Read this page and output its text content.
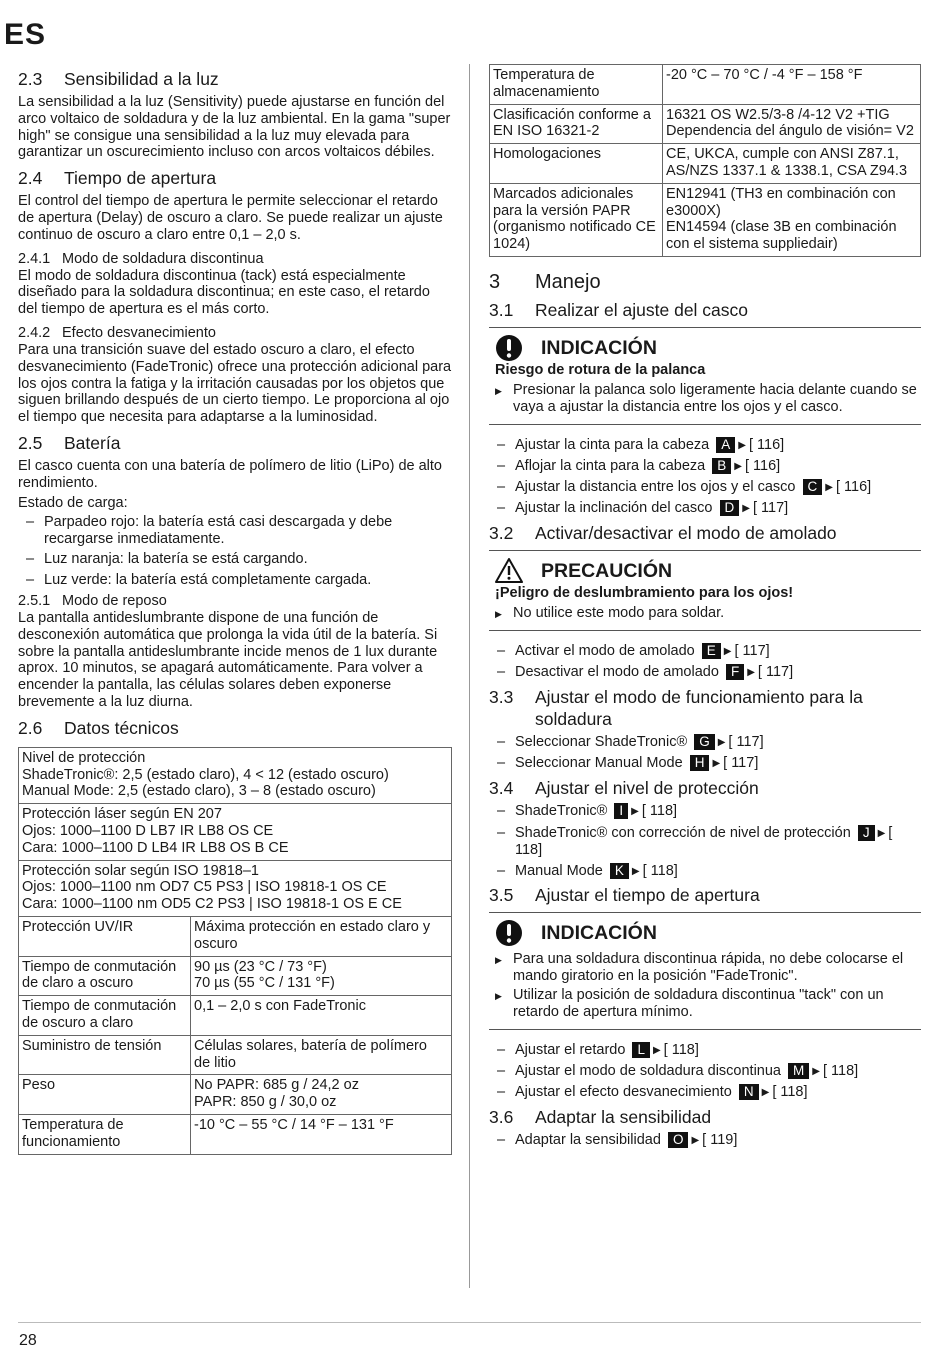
ES
2.3 Sensibilidad a la luz

La sensibilidad a la luz (Sensitivity) puede ajustarse en función del arco voltaico de soldadura y de la luz ambiental. En la gama "super high" se consigue una sensibilidad a la luz muy elevada para garantizar un oscurecimiento incluso con arcos voltaicos débiles.

2.4 Tiempo de apertura

El control del tiempo de apertura le permite seleccionar el retardo de apertura (Delay) de oscuro a claro. Se puede realizar un ajuste continuo de oscuro a claro entre 0,1 – 2,0 s.

2.4.1 Modo de soldadura discontinua

El modo de soldadura discontinua (tack) está especialmente diseñado para la soldadura discontinua; en este caso, el retardo del tiempo de apertura es el más corto.

2.4.2 Efecto desvanecimiento

Para una transición suave del estado oscuro a claro, el efecto desvanecimiento (FadeTronic) ofrece una protección adicional para los ojos contra la fatiga y la irritación causadas por los objetos que siguen brillando después de un cierto tiempo. Le proporciona al ojo el tiempo que necesita para adaptarse a la luminosidad.

2.5 Batería

El casco cuenta con una batería de polímero de litio (LiPo) de alto rendimiento.

Estado de carga:

– Parpadeo rojo: la batería está casi descargada y debe recargarse inmediatamente.
– Luz naranja: la batería se está cargando.
– Luz verde: la batería está completamente cargada.
2.5.1 Modo de reposo

La pantalla antideslumbrante dispone de una función de desconexión automática que prolonga la vida útil de la batería. Si sobre la pantalla antideslumbrante incide menos de 1 lux durante aprox. 10 minutos, se apagará automáticamente. Para volver a encender la pantalla, las células solares deben exponerse brevemente a la luz diurna.

2.6 Datos técnicos
Nivel de protección
ShadeTronic®: 2,5 (estado claro), 4 < 12 (estado oscuro)
Manual Mode: 2,5 (estado claro), 3 – 8 (estado oscuro)	

Protección láser según EN 207
Ojos: 1000–1100 D LB7 IR LB8 OS CE
Cara: 1000–1100 D LB4 IR LB8 OS B CE	

Protección solar según ISO 19818–1
Ojos: 1000–1100 nm OD7 C5 PS3 | ISO 19818-1 OS CE
Cara: 1000–1100 nm OD5 C2 PS3 | ISO 19818-1 OS E CE	

Protección UV/IR	Máxima protección en estado claro y oscuro

Tiempo de conmutación de claro a oscuro	90 µs (23 °C / 73 °F)
70 µs (55 °C / 131 °F)

Tiempo de conmutación de oscuro a claro	0,1 – 2,0 s con FadeTronic

Suministro de tensión	Células solares, batería de polímero de litio

Peso	No PAPR: 685 g / 24,2 oz
PAPR: 850 g / 30,0 oz

Temperatura de funcionamiento	-10 °C – 55 °C / 14 °F – 131 °F
Temperatura de almacenamiento	-20 °C – 70 °C / -4 °F – 158 °F

Clasificación conforme a EN ISO 16321-2	16321 OS W2.5/3-8 /4-12 V2 +TIG
Dependencia del ángulo de visión= V2

Homologaciones	CE, UKCA, cumple con ANSI Z87.1, AS/NZS 1337.1 & 1338.1, CSA Z94.3

Marcados adicionales para la versión PAPR (organismo notificado CE 1024)	EN12941 (TH3 en combinación con e3000X)
EN14594 (clase 3B en combinación con el sistema suppliedair)
3 Manejo
3.1 Realizar el ajuste del casco
INDICACIÓN
Riesgo de rotura de la palanca
▶ Presionar la palanca solo ligeramente hacia delante cuando se vaya a ajustar la distancia entre los ojos y el casco.
– Ajustar la cinta para la cabeza A ▶ [ 116]
– Aflojar la cinta para la cabeza B ▶ [ 116]
– Ajustar la distancia entre los ojos y el casco C ▶ [ 116]
– Ajustar la inclinación del casco D ▶ [ 117]
3.2 Activar/desactivar el modo de amolado
PRECAUCIÓN
¡Peligro de deslumbramiento para los ojos!
▶ No utilice este modo para soldar.
– Activar el modo de amolado E ▶ [ 117]
– Desactivar el modo de amolado F ▶ [ 117]
3.3 Ajustar el modo de funcionamiento para la
soldadura
– Seleccionar ShadeTronic® G ▶ [ 117]
– Seleccionar Manual Mode H ▶ [ 117]
3.4 Ajustar el nivel de protección
– ShadeTronic® I ▶ [ 118]
– ShadeTronic® con corrección de nivel de protección J ▶ [ 118]
– Manual Mode K ▶ [ 118]
3.5 Ajustar el tiempo de apertura
INDICACIÓN
▶ Para una soldadura discontinua rápida, no debe colocarse el mando giratorio en la posición "FadeTronic".
▶ Utilizar la posición de soldadura discontinua "tack" con un retardo de apertura mínimo.
– Ajustar el retardo L ▶ [ 118]
– Ajustar el modo de soldadura discontinua M ▶ [ 118]
– Ajustar el efecto desvanecimiento N ▶ [ 118]
3.6 Adaptar la sensibilidad
– Adaptar la sensibilidad O ▶ [ 119]
28
